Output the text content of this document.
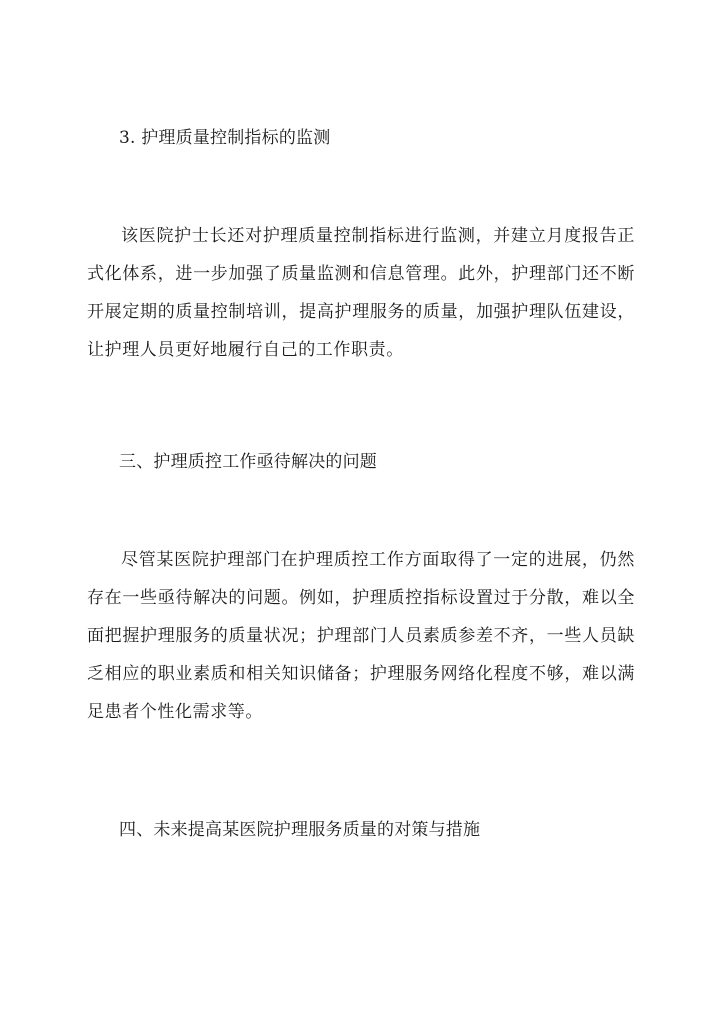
3. 护理质量控制指标的监测
该医院护士长还对护理质量控制指标进行监测，并建立月度报告正式化体系，进一步加强了质量监测和信息管理。此外，护理部门还不断开展定期的质量控制培训，提高护理服务的质量，加强护理队伍建设，让护理人员更好地履行自己的工作职责。
三、护理质控工作亟待解决的问题
尽管某医院护理部门在护理质控工作方面取得了一定的进展，仍然存在一些亟待解决的问题。例如，护理质控指标设置过于分散，难以全面把握护理服务的质量状况；护理部门人员素质参差不齐，一些人员缺乏相应的职业素质和相关知识储备；护理服务网络化程度不够，难以满足患者个性化需求等。
四、未来提高某医院护理服务质量的对策与措施
